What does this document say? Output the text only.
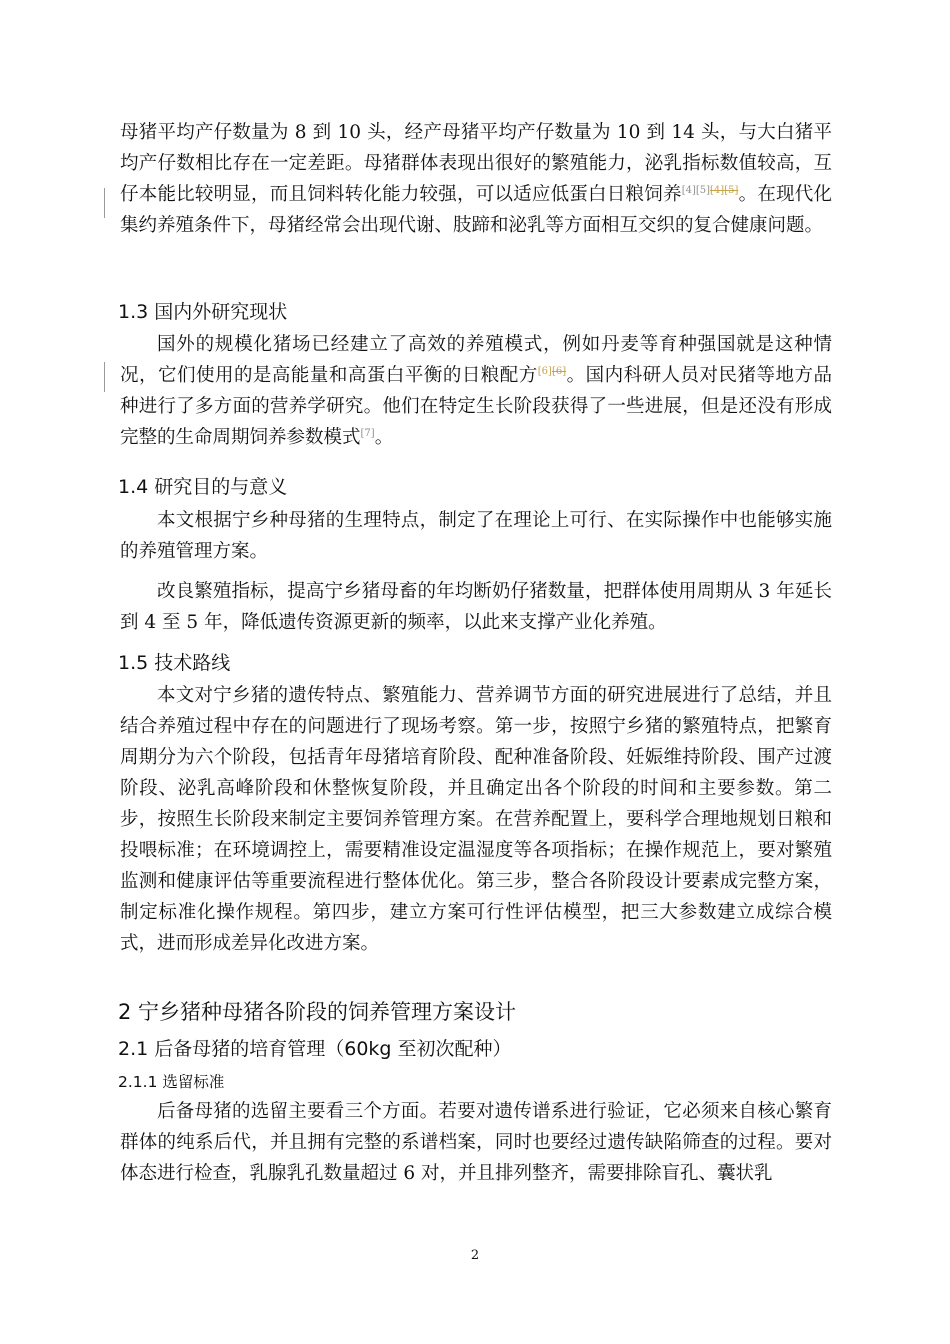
母猪平均产仔数量为 8 到 10 头，经产母猪平均产仔数量为 10 到 14 头，与大白猪平均产仔数相比存在一定差距。母猪群体表现出很好的繁殖能力，泌乳指标数值较高，互仔本能比较明显，而且饲料转化能力较强，可以适应低蛋白日粮饲养[4][5][4][5]。在现代化集约养殖条件下，母猪经常会出现代谢、肢蹄和泌乳等方面相互交织的复合健康问题。

1.3 国内外研究现状

国外的规模化猪场已经建立了高效的养殖模式，例如丹麦等育种强国就是这种情况，它们使用的是高能量和高蛋白平衡的日粮配方[6][6]。国内科研人员对民猪等地方品种进行了多方面的营养学研究。他们在特定生长阶段获得了一些进展，但是还没有形成完整的生命周期饲养参数模式[7]。

1.4 研究目的与意义

本文根据宁乡种母猪的生理特点，制定了在理论上可行、在实际操作中也能够实施的养殖管理方案。

改良繁殖指标，提高宁乡猪母畜的年均断奶仔猪数量，把群体使用周期从 3 年延长到 4 至 5 年，降低遗传资源更新的频率，以此来支撑产业化养殖。

1.5 技术路线

本文对宁乡猪的遗传特点、繁殖能力、营养调节方面的研究进展进行了总结，并且结合养殖过程中存在的问题进行了现场考察。第一步，按照宁乡猪的繁殖特点，把繁育周期分为六个阶段，包括青年母猪培育阶段、配种准备阶段、妊娠维持阶段、围产过渡阶段、泌乳高峰阶段和休整恢复阶段，并且确定出各个阶段的时间和主要参数。第二步，按照生长阶段来制定主要饲养管理方案。在营养配置上，要科学合理地规划日粮和投喂标准；在环境调控上，需要精准设定温湿度等各项指标；在操作规范上，要对繁殖监测和健康评估等重要流程进行整体优化。第三步，整合各阶段设计要素成完整方案，制定标准化操作规程。第四步，建立方案可行性评估模型，把三大参数建立成综合模式，进而形成差异化改进方案。

2 宁乡猪种母猪各阶段的饲养管理方案设计
2.1 后备母猪的培育管理（60kg 至初次配种）
2.1.1 选留标准

后备母猪的选留主要看三个方面。若要对遗传谱系进行验证，它必须来自核心繁育群体的纯系后代，并且拥有完整的系谱档案，同时也要经过遗传缺陷筛查的过程。要对体态进行检查，乳腺乳孔数量超过 6 对，并且排列整齐，需要排除盲孔、囊状乳

2
